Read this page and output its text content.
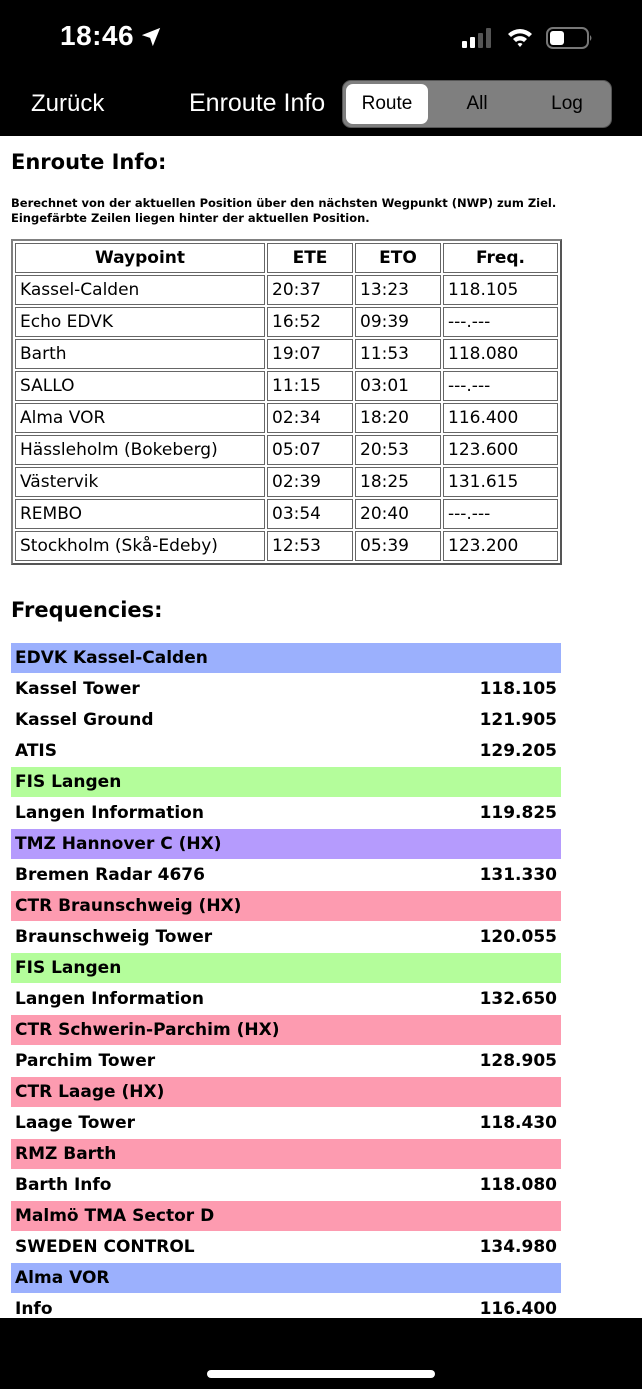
18:46
Zurück	Enroute Info	Route	All	Log
Enroute Info:
Berechnet von der aktuellen Position über den nächsten Wegpunkt (NWP) zum Ziel.
Eingefärbte Zeilen liegen hinter der aktuellen Position.
Waypoint	ETE	ETO	Freq.
Kassel-Calden	20:37	13:23	118.105
Echo EDVK	16:52	09:39	---.---
Barth	19:07	11:53	118.080
SALLO	11:15	03:01	---.---
Alma VOR	02:34	18:20	116.400
Hässleholm (Bokeberg)	05:07	20:53	123.600
Västervik	02:39	18:25	131.615
REMBO	03:54	20:40	---.---
Stockholm (Skå-Edeby)	12:53	05:39	123.200
Frequencies:
EDVK Kassel-Calden
Kassel Tower	118.105
Kassel Ground	121.905
ATIS	129.205
FIS Langen
Langen Information	119.825
TMZ Hannover C (HX)
Bremen Radar 4676	131.330
CTR Braunschweig (HX)
Braunschweig Tower	120.055
FIS Langen
Langen Information	132.650
CTR Schwerin-Parchim (HX)
Parchim Tower	128.905
CTR Laage (HX)
Laage Tower	118.430
RMZ Barth
Barth Info	118.080
Malmö TMA Sector D
SWEDEN CONTROL	134.980
Alma VOR
Info	116.400
